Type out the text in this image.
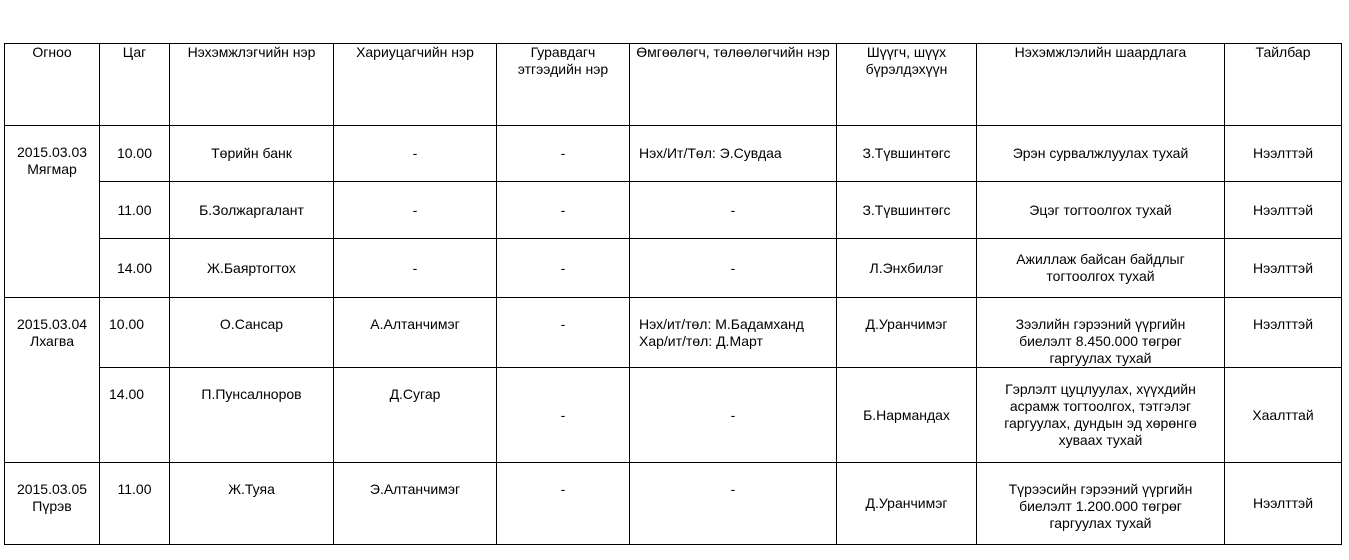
Огноо	Цаг	Нэхэмжлэгчийн нэр	Хариуцагчийн нэр	Гуравдагч этгээдийн нэр	Өмгөөлөгч, төлөөлөгчийн нэр	Шүүгч, шүүх бүрэлдэхүүн	Нэхэмжлэлийн шаардлага	Тайлбар

2015.03.03
Мягмар	10.00	Төрийн банк	-	-	Нэх/Ит/Төл: Э.Сувдаа	З.Түвшинтөгс	Эрэн сурвалжлуулах тухай	Нээлттэй
	11.00	Б.Золжаргалант	-	-	-	З.Түвшинтөгс	Эцэг тогтоолгох тухай	Нээлттэй
	14.00	Ж.Баяртогтох	-	-	-	Л.Энхбилэг	Ажиллаж байсан байдлыг тогтоолгох тухай	Нээлттэй

2015.03.04
Лхагва	10.00	О.Сансар	А.Алтанчимэг	-	Нэх/ит/төл: М.Бадамханд Хар/ит/төл: Д.Март	Д.Уранчимэг	Зээлийн гэрээний үүргийн биелэлт 8.450.000 төгрөг гаргуулах тухай	Нээлттэй
	14.00	П.Пунсалноров	Д.Сугар	-	-	Б.Нармандах	Гэрлэлт цуцлуулах, хүүхдийн асрамж тогтоолгох, тэтгэлэг гаргуулах, дундын эд хөрөнгө хуваах тухай	Хаалттай

2015.03.05
Пүрэв	11.00	Ж.Туяа	Э.Алтанчимэг	-	-	Д.Уранчимэг	Түрээсийн гэрээний үүргийн биелэлт 1.200.000 төгрөг гаргуулах тухай	Нээлттэй
